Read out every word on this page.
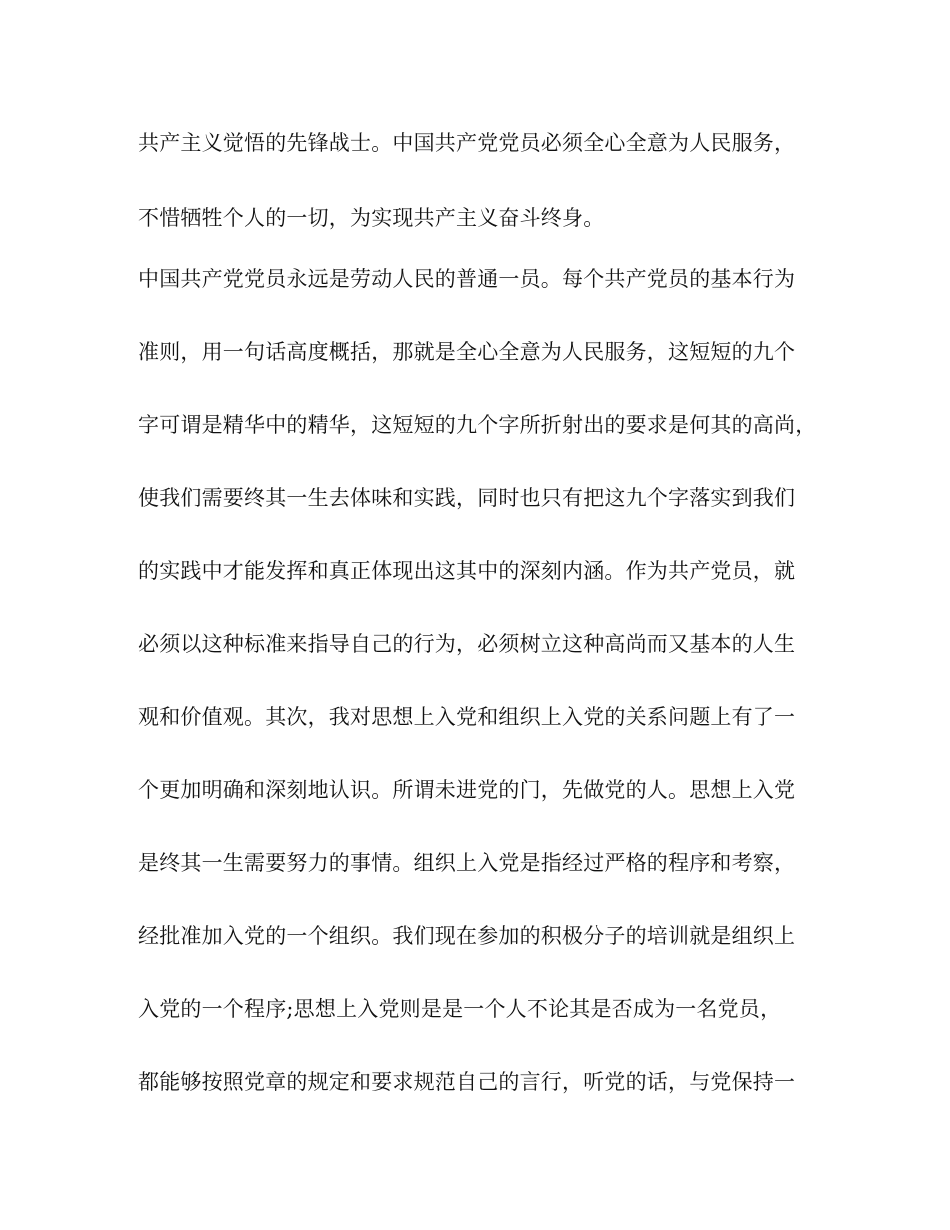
共产主义觉悟的先锋战士。中国共产党党员必须全心全意为人民服务，
不惜牺牲个人的一切，为实现共产主义奋斗终身。
中国共产党党员永远是劳动人民的普通一员。每个共产党员的基本行为
准则，用一句话高度概括，那就是全心全意为人民服务，这短短的九个
字可谓是精华中的精华，这短短的九个字所折射出的要求是何其的高尚，
使我们需要终其一生去体味和实践，同时也只有把这九个字落实到我们
的实践中才能发挥和真正体现出这其中的深刻内涵。作为共产党员，就
必须以这种标准来指导自己的行为，必须树立这种高尚而又基本的人生
观和价值观。其次，我对思想上入党和组织上入党的关系问题上有了一
个更加明确和深刻地认识。所谓未进党的门，先做党的人。思想上入党
是终其一生需要努力的事情。组织上入党是指经过严格的程序和考察，
经批准加入党的一个组织。我们现在参加的积极分子的培训就是组织上
入党的一个程序;思想上入党则是是一个人不论其是否成为一名党员，
都能够按照党章的规定和要求规范自己的言行，听党的话，与党保持一
